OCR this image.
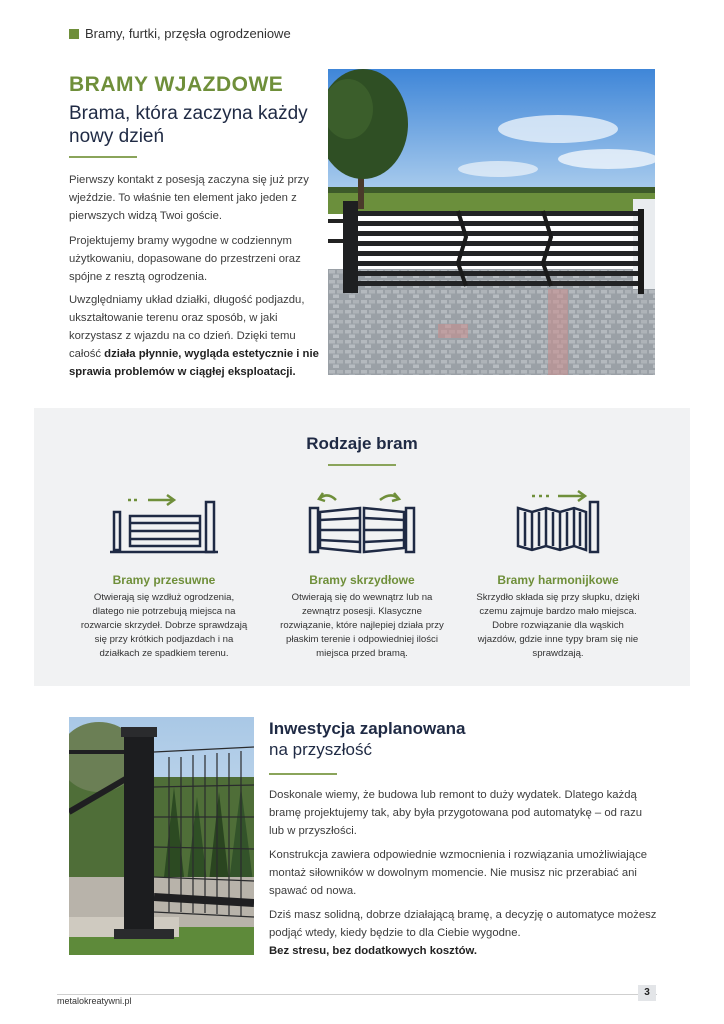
Bramy, furtki, przęsła ogrodzeniowe
BRAMY WJAZDOWE
Brama, która zaczyna każdy nowy dzień
Pierwszy kontakt z posesją zaczyna się już przy wjeździe. To właśnie ten element jako jeden z pierwszych widzą Twoi goście.
Projektujemy bramy wygodne w codziennym użytkowaniu, dopasowane do przestrzeni oraz spójne z resztą ogrodzenia.
Uwzględniamy układ działki, długość podjazdu, ukształtowanie terenu oraz sposób, w jaki korzystasz z wjazdu na co dzień. Dzięki temu całość działa płynnie, wygląda estetycznie i nie sprawia problemów w ciągłej eksploatacji.
Rodzaje bram
Bramy przesuwne
Otwierają się wzdłuż ogrodzenia, dlatego nie potrzebują miejsca na rozwarcie skrzydeł. Dobrze sprawdzają się przy krótkich podjazdach i na działkach ze spadkiem terenu.
Bramy skrzydłowe
Otwierają się do wewnątrz lub na zewnątrz posesji. Klasyczne rozwiązanie, które najlepiej działa przy płaskim terenie i odpowiedniej ilości miejsca przed bramą.
Bramy harmonijkowe
Skrzydło składa się przy słupku, dzięki czemu zajmuje bardzo mało miejsca. Dobre rozwiązanie dla wąskich wjazdów, gdzie inne typy bram się nie sprawdzają.
Inwestycja zaplanowana
na przyszłość
Doskonale wiemy, że budowa lub remont to duży wydatek. Dlatego każdą bramę projektujemy tak, aby była przygotowana pod automatykę – od razu lub w przyszłości.
Konstrukcja zawiera odpowiednie wzmocnienia i rozwiązania umożliwiające montaż siłowników w dowolnym momencie. Nie musisz nic przerabiać ani spawać od nowa.
Dziś masz solidną, dobrze działającą bramę, a decyzję o automatyce możesz podjąć wtedy, kiedy będzie to dla Ciebie wygodne.
Bez stresu, bez dodatkowych kosztów.
metalokreatywni.pl
3
